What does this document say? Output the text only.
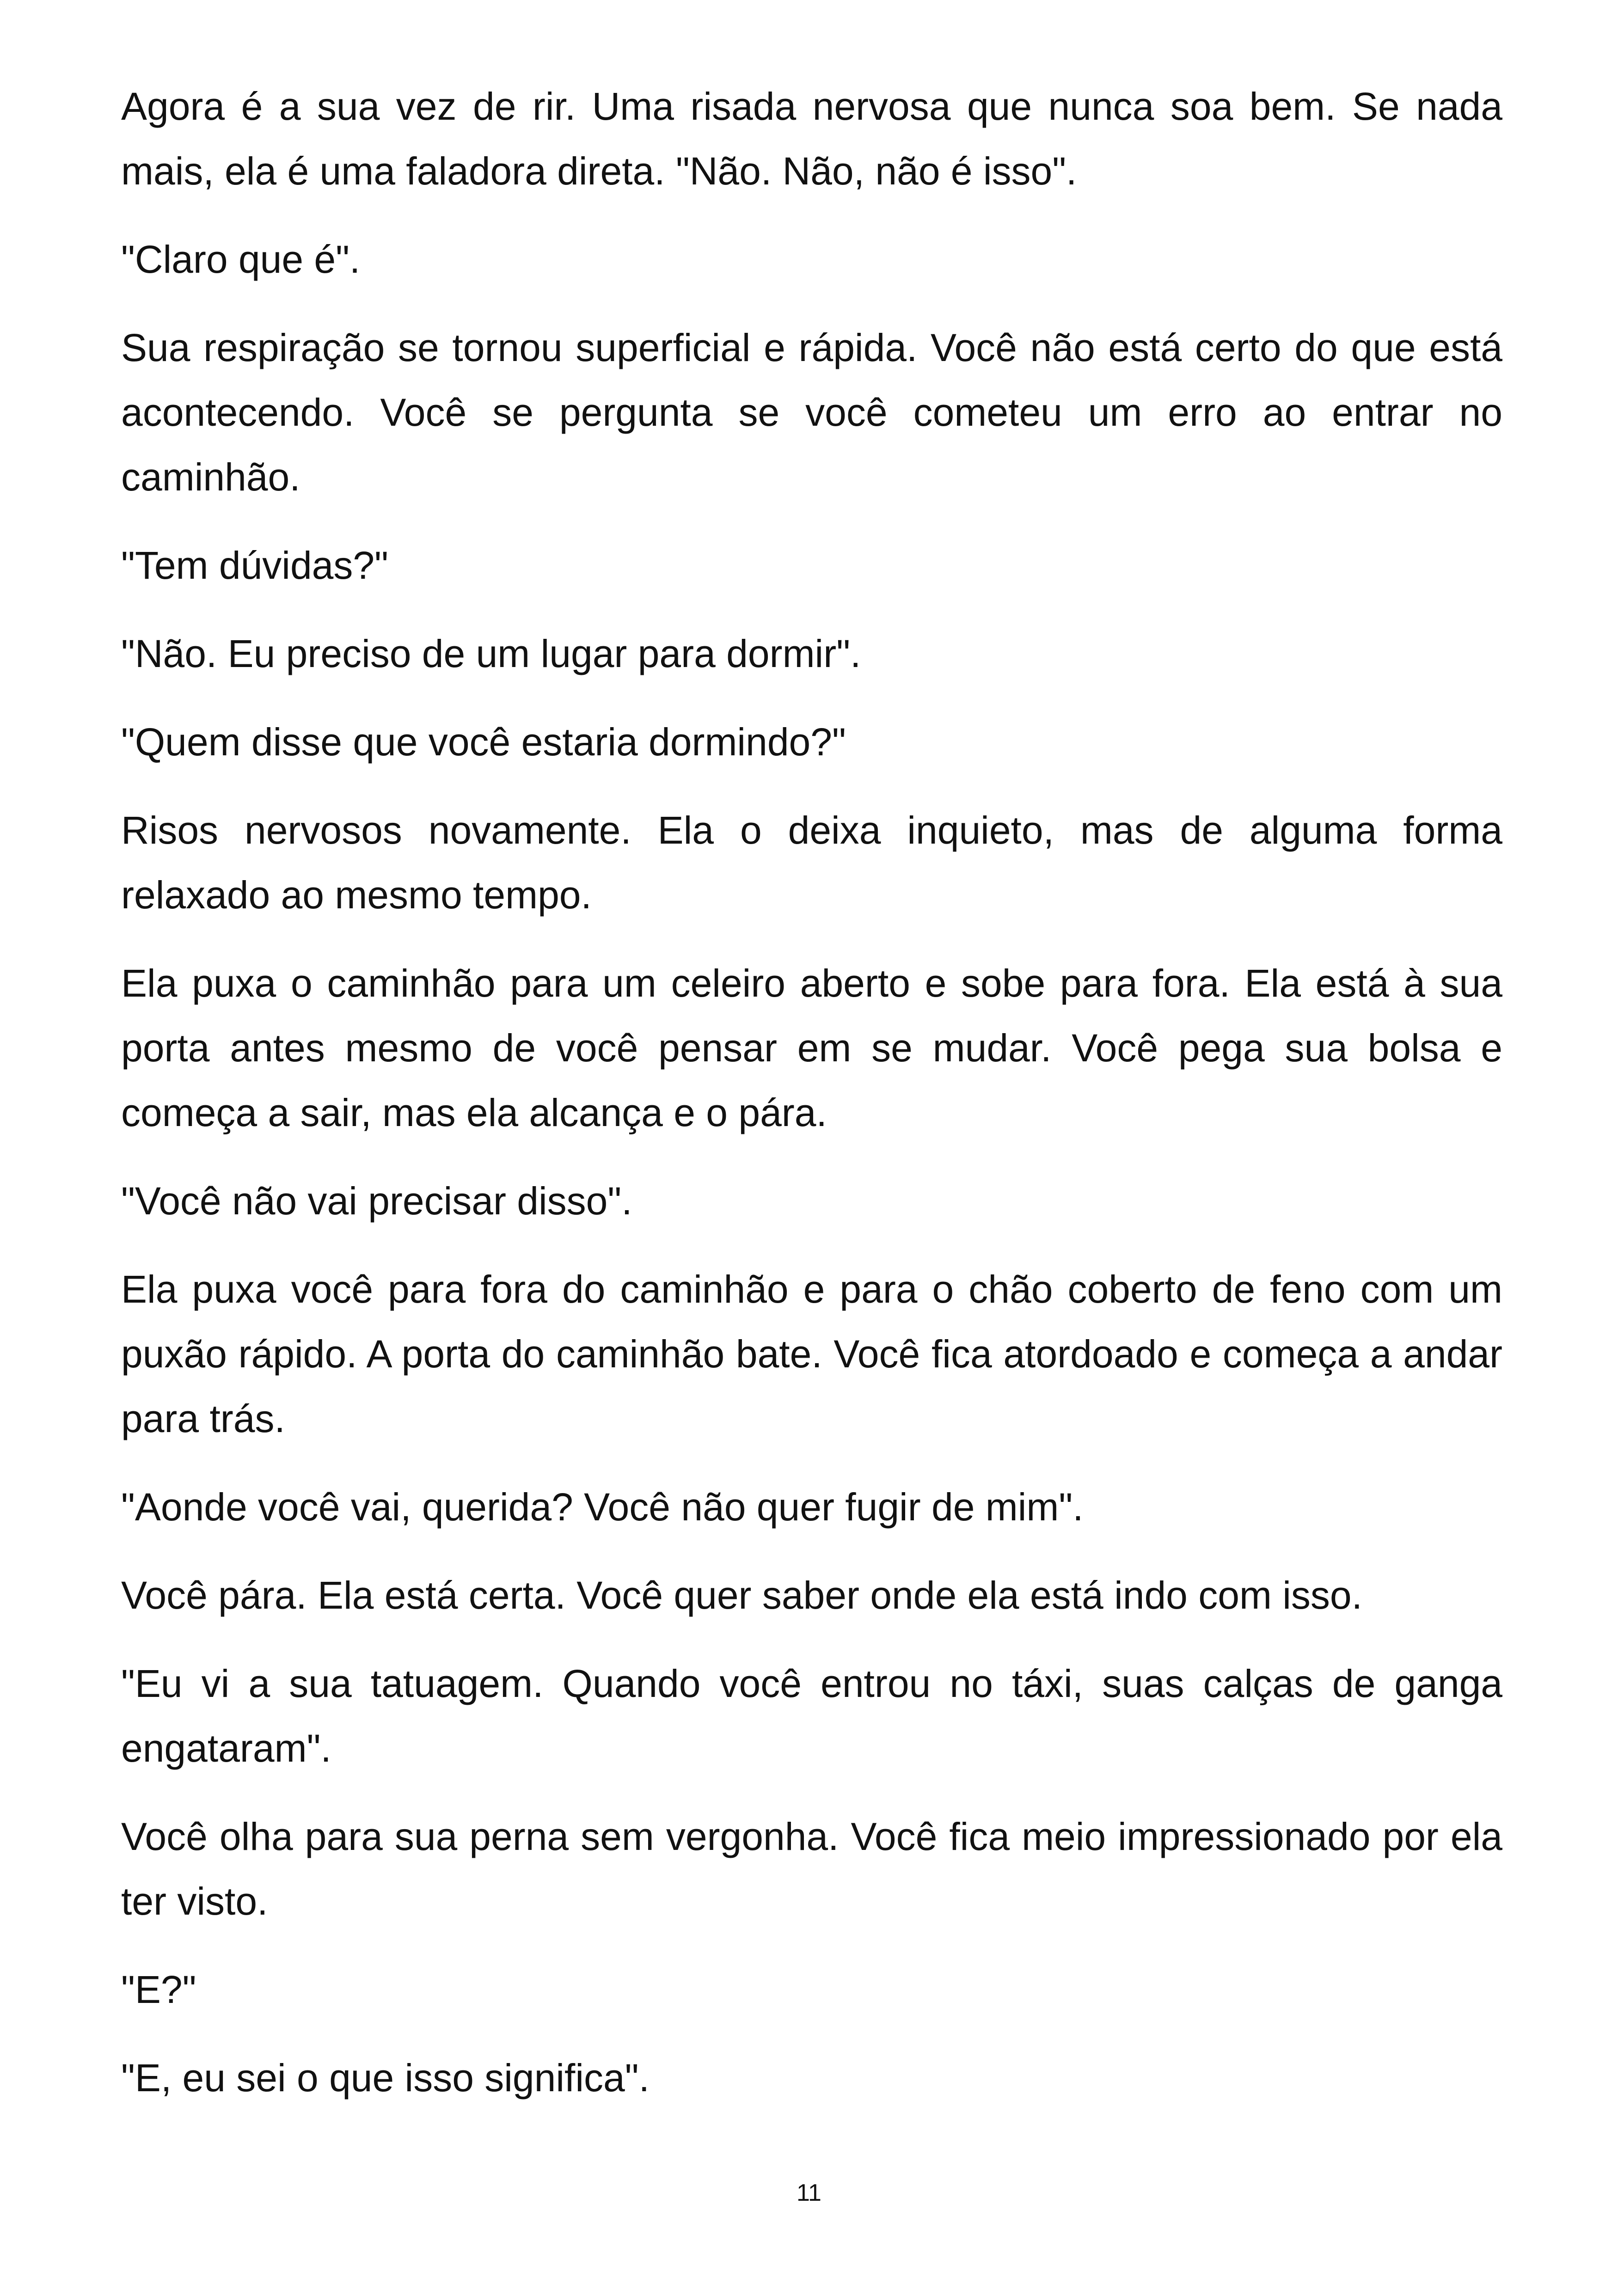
Agora é a sua vez de rir. Uma risada nervosa que nunca soa bem. Se nada mais, ela é uma faladora direta. "Não. Não, não é isso".

"Claro que é".

Sua respiração se tornou superficial e rápida. Você não está certo do que está acontecendo. Você se pergunta se você cometeu um erro ao entrar no caminhão.

"Tem dúvidas?"

"Não. Eu preciso de um lugar para dormir".

"Quem disse que você estaria dormindo?"

Risos nervosos novamente. Ela o deixa inquieto, mas de alguma forma relaxado ao mesmo tempo.

Ela puxa o caminhão para um celeiro aberto e sobe para fora. Ela está à sua porta antes mesmo de você pensar em se mudar. Você pega sua bolsa e começa a sair, mas ela alcança e o pára.

"Você não vai precisar disso".

Ela puxa você para fora do caminhão e para o chão coberto de feno com um puxão rápido. A porta do caminhão bate. Você fica atordoado e começa a andar para trás.

"Aonde você vai, querida? Você não quer fugir de mim".

Você pára. Ela está certa. Você quer saber onde ela está indo com isso.

"Eu vi a sua tatuagem. Quando você entrou no táxi, suas calças de ganga engataram".

Você olha para sua perna sem vergonha. Você fica meio impressionado por ela ter visto.

"E?"

"E, eu sei o que isso significa".

11
